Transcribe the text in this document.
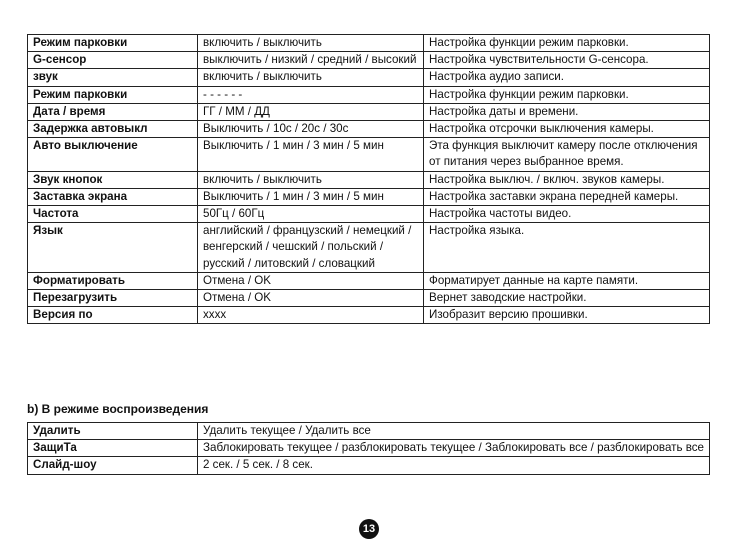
Режим парковки	включить / выключить	Настройка функции режим парковки.
G-сенсор	выключить / низкий / средний / высокий	Настройка чувствительности G-сенсора.
звук	включить / выключить	Настройка аудио записи.
Режим парковки	- - - - - -	Настройка функции режим парковки.
Дата / время	ГГ / ММ / ДД	Настройка даты и времени.
Задержка автовыкл	Выключить / 10с / 20с / 30с	Настройка отсрочки выключения камеры.
Авто выключение	Выключить / 1 мин / 3 мин / 5 мин	Эта функция выключит камеру после отключения от питания через выбранное время.
Звук кнопок	включить / выключить	Настройка выключ. / включ. звуков камеры.
Заставка экрана	Выключить / 1 мин / 3 мин / 5 мин	Настройка заставки экрана передней камеры.
Частота	50Гц / 60Гц	Настройка частоты видео.
Язык	английский / французский / немецкий / венгерский / чешский / польский / русский / литовский / словацкий	Настройка языка.
Форматировать	Отмена / OK	Форматирует данные на карте памяти.
Перезагрузить	Отмена / OK	Вернет заводские настройки.
Версия по	xxxx	Изобразит версию прошивки.
b) В режиме воспроизведения
Удалить	Удалить текущее / Удалить все
ЗащиТа	Заблокировать текущее / разблокировать текущее / Заблокировать все / разблокировать все
Слайд-шоу	2 сек. / 5 сек. / 8 сек.
13
